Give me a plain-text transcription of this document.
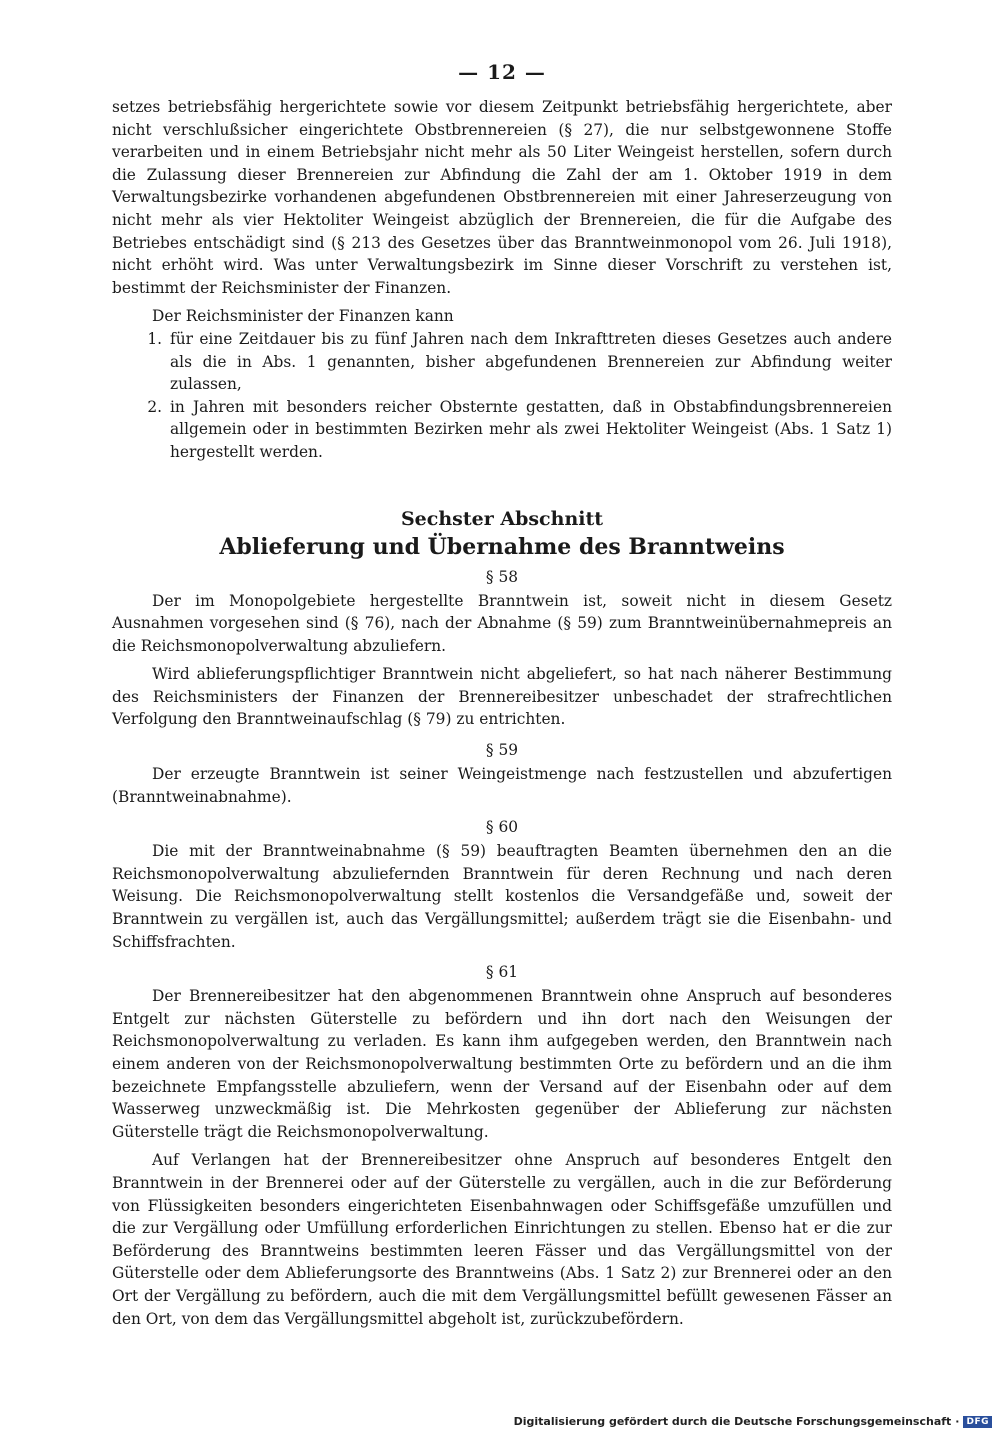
— 12 —

setzes betriebsfähig hergerichtete sowie vor diesem Zeitpunkt betriebsfähig hergerichtete, aber nicht verschlußsicher eingerichtete Obstbrennereien (§ 27), die nur selbstgewonnene Stoffe verarbeiten und in einem Betriebsjahr nicht mehr als 50 Liter Weingeist herstellen, sofern durch die Zulassung dieser Brennereien zur Abfindung die Zahl der am 1. Oktober 1919 in dem Verwaltungsbezirke vorhandenen abgefundenen Obstbrennereien mit einer Jahreserzeugung von nicht mehr als vier Hektoliter Weingeist abzüglich der Brennereien, die für die Aufgabe des Betriebes entschädigt sind (§ 213 des Gesetzes über das Branntweinmonopol vom 26. Juli 1918), nicht erhöht wird. Was unter Verwaltungsbezirk im Sinne dieser Vorschrift zu verstehen ist, bestimmt der Reichsminister der Finanzen.

Der Reichsminister der Finanzen kann

1. für eine Zeitdauer bis zu fünf Jahren nach dem Inkrafttreten dieses Gesetzes auch andere als die in Abs. 1 genannten, bisher abgefundenen Brennereien zur Abfindung weiter zulassen,
2. in Jahren mit besonders reicher Obsternte gestatten, daß in Obstabfindungsbrennereien allgemein oder in bestimmten Bezirken mehr als zwei Hektoliter Weingeist (Abs. 1 Satz 1) hergestellt werden.
Sechster Abschnitt
Ablieferung und Übernahme des Branntweins
§ 58

Der im Monopolgebiete hergestellte Branntwein ist, soweit nicht in diesem Gesetz Ausnahmen vorgesehen sind (§ 76), nach der Abnahme (§ 59) zum Branntweinübernahmepreis an die Reichsmonopolverwaltung abzuliefern.

Wird ablieferungspflichtiger Branntwein nicht abgeliefert, so hat nach näherer Bestimmung des Reichsministers der Finanzen der Brennereibesitzer unbeschadet der strafrechtlichen Verfolgung den Branntweinaufschlag (§ 79) zu entrichten.

§ 59

Der erzeugte Branntwein ist seiner Weingeistmenge nach festzustellen und abzufertigen (Branntweinabnahme).

§ 60

Die mit der Branntweinabnahme (§ 59) beauftragten Beamten übernehmen den an die Reichsmonopolverwaltung abzuliefernden Branntwein für deren Rechnung und nach deren Weisung. Die Reichsmonopolverwaltung stellt kostenlos die Versandgefäße und, soweit der Branntwein zu vergällen ist, auch das Vergällungsmittel; außerdem trägt sie die Eisenbahn- und Schiffsfrachten.

§ 61

Der Brennereibesitzer hat den abgenommenen Branntwein ohne Anspruch auf besonderes Entgelt zur nächsten Güterstelle zu befördern und ihn dort nach den Weisungen der Reichsmonopolverwaltung zu verladen. Es kann ihm aufgegeben werden, den Branntwein nach einem anderen von der Reichsmonopolverwaltung bestimmten Orte zu befördern und an die ihm bezeichnete Empfangsstelle abzuliefern, wenn der Versand auf der Eisenbahn oder auf dem Wasserweg unzweckmäßig ist. Die Mehrkosten gegenüber der Ablieferung zur nächsten Güterstelle trägt die Reichsmonopolverwaltung.

Auf Verlangen hat der Brennereibesitzer ohne Anspruch auf besonderes Entgelt den Branntwein in der Brennerei oder auf der Güterstelle zu vergällen, auch in die zur Beförderung von Flüssigkeiten besonders eingerichteten Eisenbahnwagen oder Schiffsgefäße umzufüllen und die zur Vergällung oder Umfüllung erforderlichen Einrichtungen zu stellen. Ebenso hat er die zur Beförderung des Branntweins bestimmten leeren Fässer und das Vergällungsmittel von der Güterstelle oder dem Ablieferungsorte des Branntweins (Abs. 1 Satz 2) zur Brennerei oder an den Ort der Vergällung zu befördern, auch die mit dem Vergällungsmittel befüllt gewesenen Fässer an den Ort, von dem das Vergällungsmittel abgeholt ist, zurückzubefördern.

Digitalisierung gefördert durch die Deutsche Forschungsgemeinschaft · DFG
